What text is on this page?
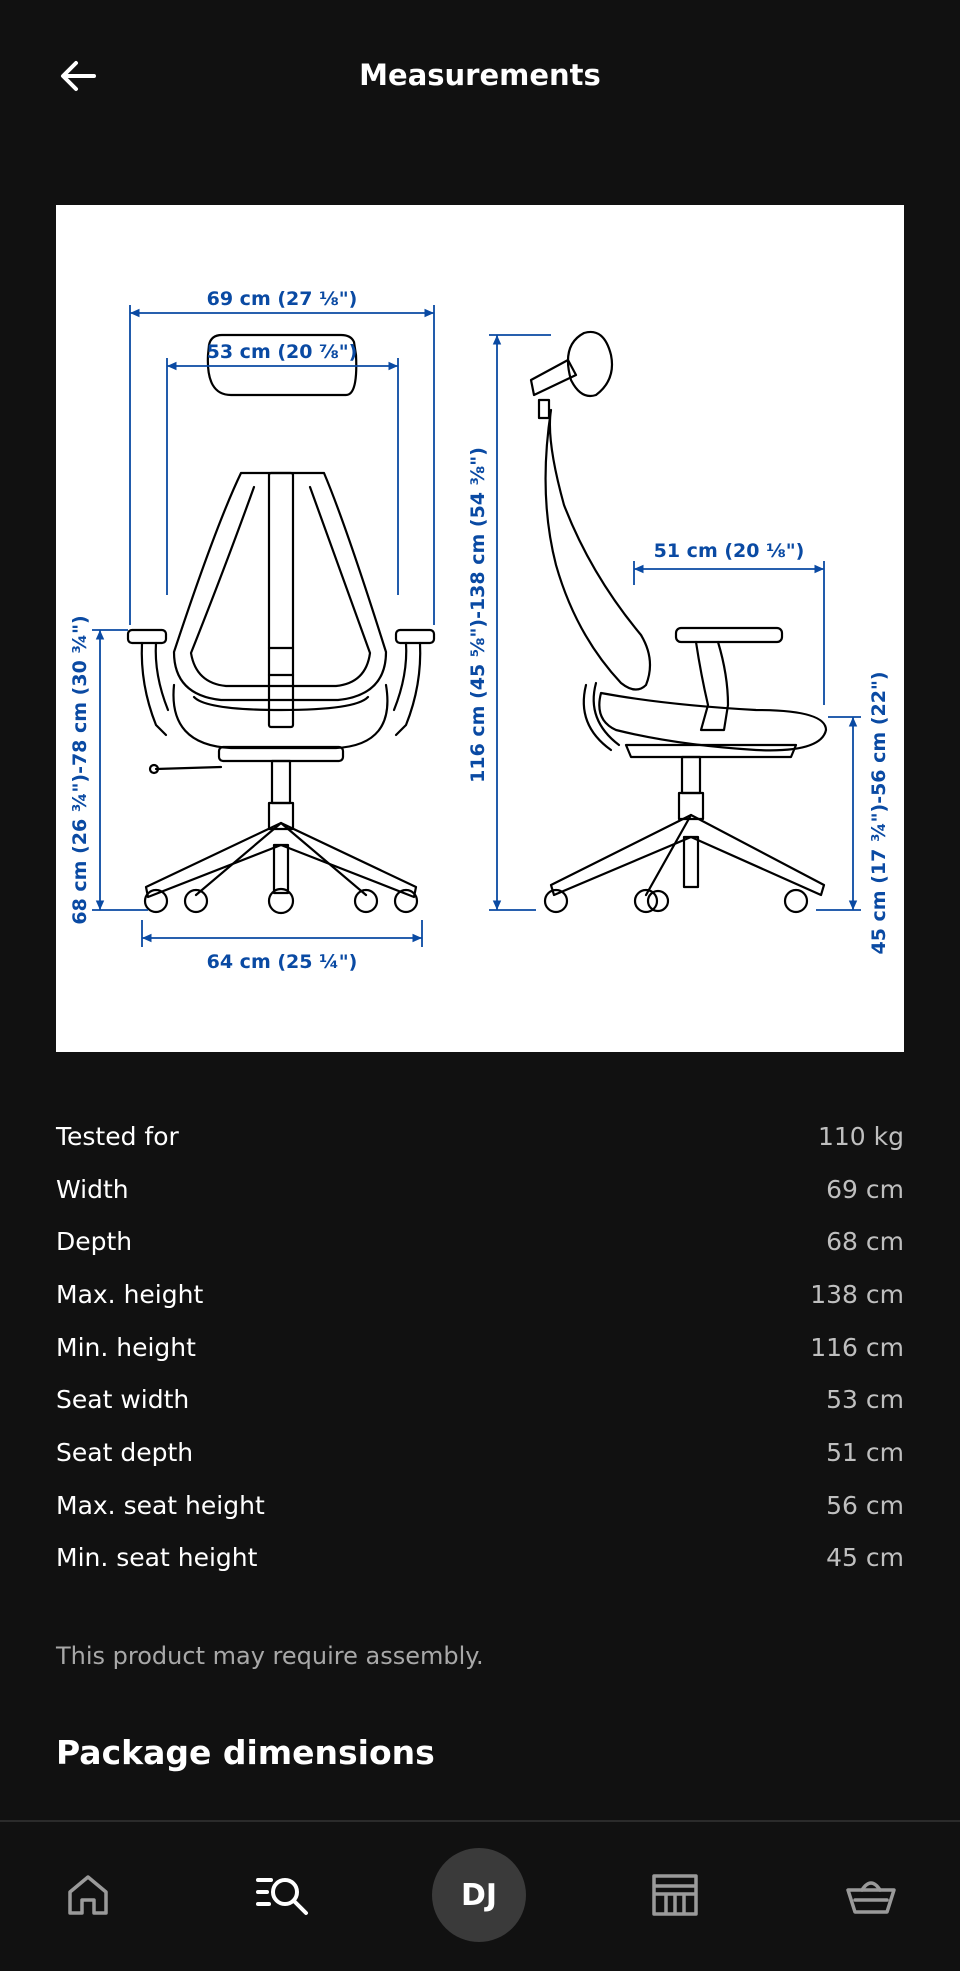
Measurements
69 cm (27 ⅛")
53 cm (20 ⅞")
64 cm (25 ¼")
68 cm (26 ¾")-78 cm (30 ¾")	116 cm (45 ⅝")-138 cm (54 ⅜")	51 cm (20 ⅛")
45 cm (17 ¾")-56 cm (22")
Tested for	110 kg
Width	69 cm
Depth	68 cm
Max. height	138 cm
Min. height	116 cm
Seat width	53 cm
Seat depth	51 cm
Max. seat height	56 cm
Min. seat height	45 cm
This product may require assembly.
Package dimensions
DJ
